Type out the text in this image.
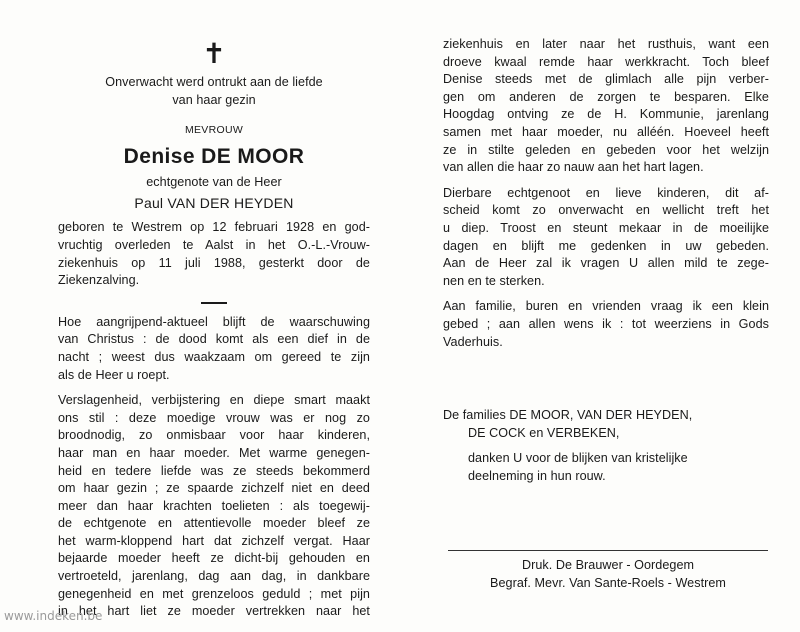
✝
Onverwacht werd ontrukt aan de liefde
van haar gezin
MEVROUW
Denise DE MOOR
echtgenote van de Heer
Paul VAN DER HEYDEN
geboren te Westrem op 12 februari 1928 en god-
vruchtig overleden te Aalst in het O.-L.-Vrouw-
ziekenhuis op 11 juli 1988, gesterkt door de
Ziekenzalving.
Hoe aangrijpend-aktueel blijft de waarschuwing
van Christus : de dood komt als een dief in de
nacht ; weest dus waakzaam om gereed te zijn
als de Heer u roept.
Verslagenheid, verbijstering en diepe smart maakt
ons stil : deze moedige vrouw was er nog zo
broodnodig, zo onmisbaar voor haar kinderen,
haar man en haar moeder. Met warme genegen-
heid en tedere liefde was ze steeds bekommerd
om haar gezin ; ze spaarde zichzelf niet en deed
meer dan haar krachten toelieten : als toegewij-
de echtgenote en attentievolle moeder bleef ze
het warm-kloppend hart dat zichzelf vergat. Haar
bejaarde moeder heeft ze dicht-bij gehouden en
vertroeteld, jarenlang, dag aan dag, in dankbare
genegenheid en met grenzeloos geduld ; met pijn
in het hart liet ze moeder vertrekken naar het
ziekenhuis en later naar het rusthuis, want een
droeve kwaal remde haar werkkracht. Toch bleef
Denise steeds met de glimlach alle pijn verber-
gen om anderen de zorgen te besparen. Elke
Hoogdag ontving ze de H. Kommunie, jarenlang
samen met haar moeder, nu alléén. Hoeveel heeft
ze in stilte geleden en gebeden voor het welzijn
van allen die haar zo nauw aan het hart lagen.
Dierbare echtgenoot en lieve kinderen, dit af-
scheid komt zo onverwacht en wellicht treft het
u diep. Troost en steunt mekaar in de moeilijke
dagen en blijft me gedenken in uw gebeden.
Aan de Heer zal ik vragen U allen mild te zege-
nen en te sterken.
Aan familie, buren en vrienden vraag ik een klein
gebed ; aan allen wens ik : tot weerziens in Gods
Vaderhuis.
De families DE MOOR, VAN DER HEYDEN,
DE COCK en VERBEKEN,
danken U voor de blijken van kristelijke
deelneming in hun rouw.
Druk. De Brauwer - Oordegem
Begraf. Mevr. Van Sante-Roels - Westrem
www.indeken.be
